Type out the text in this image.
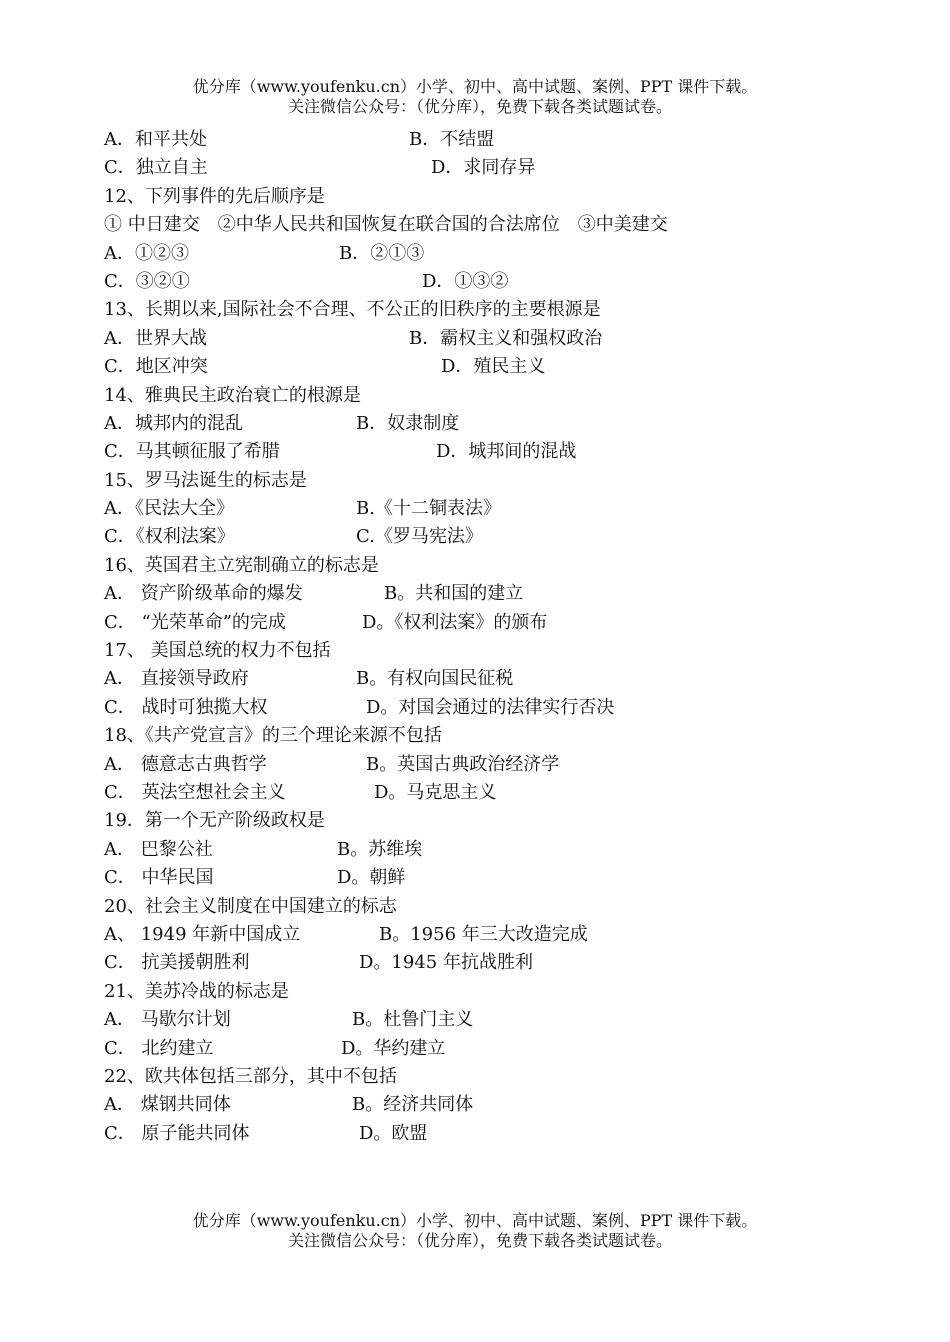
优分库（www.youfenku.cn）小学、初中、高中试题、案例、PPT 课件下载。
关注微信公众号：（优分库），免费下载各类试题试卷。
A．和平共处	B．不结盟
C．独立自主	D．求同存异
12、下列事件的先后顺序是
① 中日建交　②中华人民共和国恢复在联合国的合法席位　③中美建交
A．①②③	B．②①③
C．③②①	D．①③②
13、长期以来,国际社会不合理、不公正的旧秩序的主要根源是
A．世界大战	B．霸权主义和强权政治
C．地区冲突	D．殖民主义
14、雅典民主政治衰亡的根源是
A．城邦内的混乱	B．奴隶制度
C．马其顿征服了希腊	D．城邦间的混战
15、罗马法诞生的标志是
A．《民法大全》	B.《十二铜表法》
C．《权利法案》	C.《罗马宪法》
16、英国君主立宪制确立的标志是
A． 资产阶级革命的爆发	B。共和国的建立
C． “光荣革命”的完成	D。《权利法案》的颁布
17、 美国总统的权力不包括
A． 直接领导政府	B。有权向国民征税
C． 战时可独揽大权	D。对国会通过的法律实行否决
18、《共产党宣言》的三个理论来源不包括
A． 德意志古典哲学	B。英国古典政治经济学
C． 英法空想社会主义	D。马克思主义
19．第一个无产阶级政权是
A． 巴黎公社	B。苏维埃
C． 中华民国	D。朝鲜
20、社会主义制度在中国建立的标志
A、 1949 年新中国成立	B。1956 年三大改造完成
C． 抗美援朝胜利	D。1945 年抗战胜利
21、美苏冷战的标志是
A． 马歇尔计划	B。杜鲁门主义
C． 北约建立	D。华约建立
22、欧共体包括三部分，其中不包括
A． 煤钢共同体	B。经济共同体
C． 原子能共同体	D。欧盟
优分库（www.youfenku.cn）小学、初中、高中试题、案例、PPT 课件下载。
关注微信公众号：（优分库），免费下载各类试题试卷。
